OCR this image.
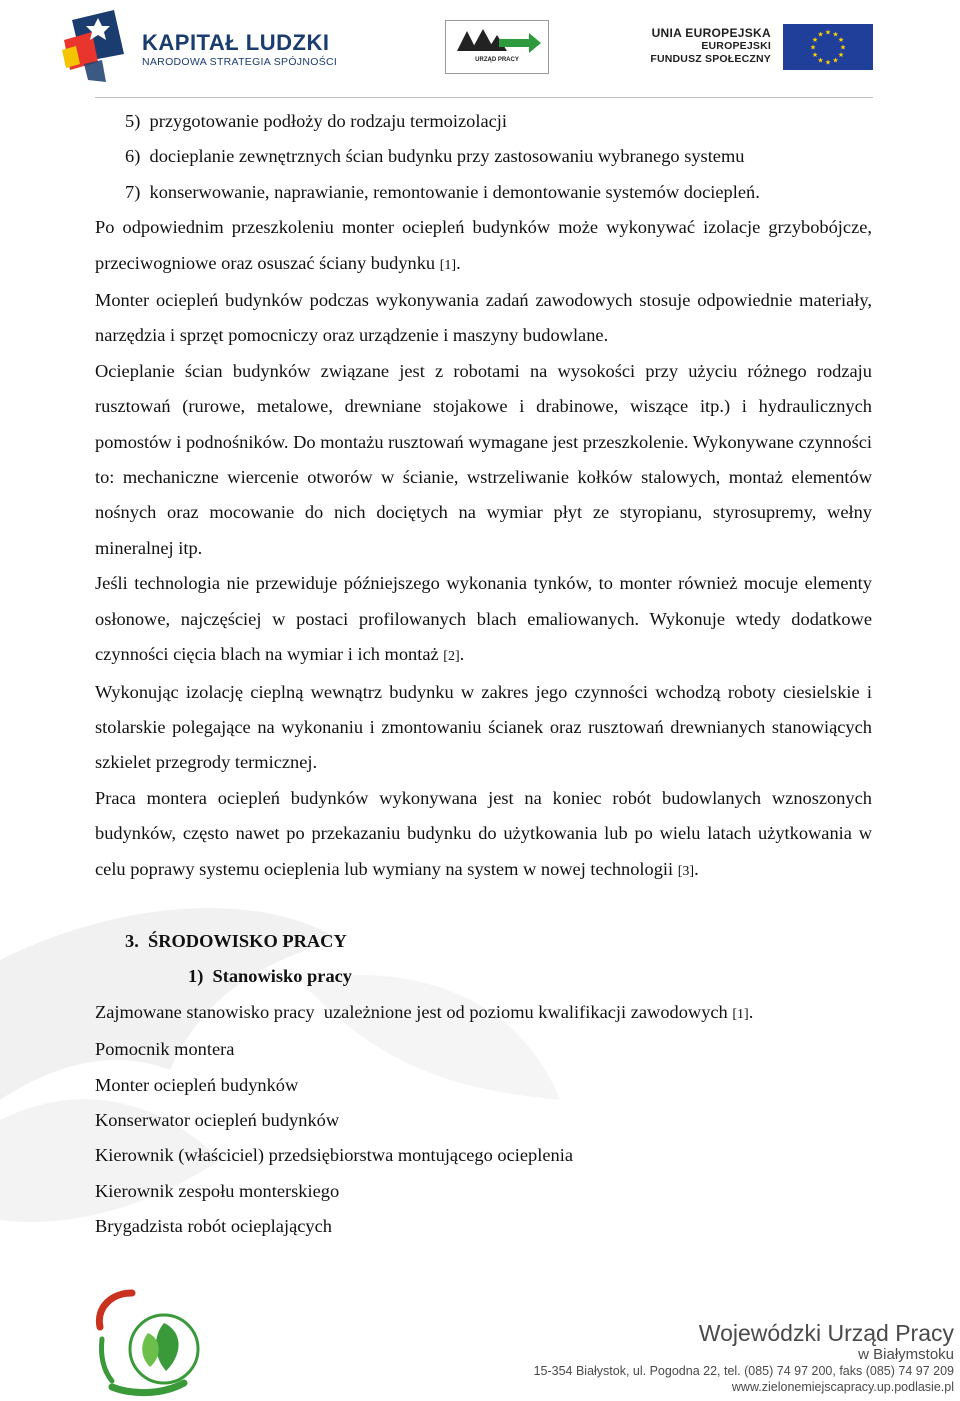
KAPITAŁ LUDZKI
NARODOWA STRATEGIA SPÓJNOŚCI	URZĄD PRACY
UNIA EUROPEJSKA
EUROPEJSKI
FUNDUSZ SPOŁECZNY
★
★
★
★
★
★
★
★
★ ★ ★
★

5) przygotowanie podłoży do rodzaju termoizolacji

6) docieplanie zewnętrznych ścian budynku przy zastosowaniu wybranego systemu

7) konserwowanie, naprawianie, remontowanie i demontowanie systemów dociepleń.

Po odpowiednim przeszkoleniu monter ociepleń budynków może wykonywać izolacje grzybobójcze, przeciwogniowe oraz osuszać ściany budynku [1].

Monter ociepleń budynków podczas wykonywania zadań zawodowych stosuje odpowiednie materiały, narzędzia i sprzęt pomocniczy oraz urządzenie i maszyny budowlane.

Ocieplanie ścian budynków związane jest z robotami na wysokości przy użyciu różnego rodzaju rusztowań (rurowe, metalowe, drewniane stojakowe i drabinowe, wiszące itp.) i hydraulicznych pomostów i podnośników. Do montażu rusztowań wymagane jest przeszkolenie. Wykonywane czynności to: mechaniczne wiercenie otworów w ścianie, wstrzeliwanie kołków stalowych, montaż elementów nośnych oraz mocowanie do nich dociętych na wymiar płyt ze styropianu, styrosupremy, wełny mineralnej itp.

Jeśli technologia nie przewiduje późniejszego wykonania tynków, to monter również mocuje elementy osłonowe, najczęściej w postaci profilowanych blach emaliowanych. Wykonuje wtedy dodatkowe czynności cięcia blach na wymiar i ich montaż [2].

Wykonując izolację cieplną wewnątrz budynku w zakres jego czynności wchodzą roboty ciesielskie i stolarskie polegające na wykonaniu i zmontowaniu ścianek oraz rusztowań drewnianych stanowiących szkielet przegrody termicznej.

Praca montera ociepleń budynków wykonywana jest na koniec robót budowlanych wznoszonych budynków, często nawet po przekazaniu budynku do użytkowania lub po wielu latach użytkowania w celu poprawy systemu ocieplenia lub wymiany na system w nowej technologii [3].

3. ŚRODOWISKO PRACY

1) Stanowisko pracy

Zajmowane stanowisko pracy  uzależnione jest od poziomu kwalifikacji zawodowych [1].

Pomocnik montera

Monter ociepleń budynków

Konserwator ociepleń budynków

Kierownik (właściciel) przedsiębiorstwa montującego ocieplenia

Kierownik zespołu monterskiego

Brygadzista robót ocieplających

Wojewódzki Urząd Pracy
w Białymstoku
15-354 Białystok, ul. Pogodna 22, tel. (085) 74 97 200, faks (085) 74 97 209
www.zielonemiejscapracy.up.podlasie.pl
